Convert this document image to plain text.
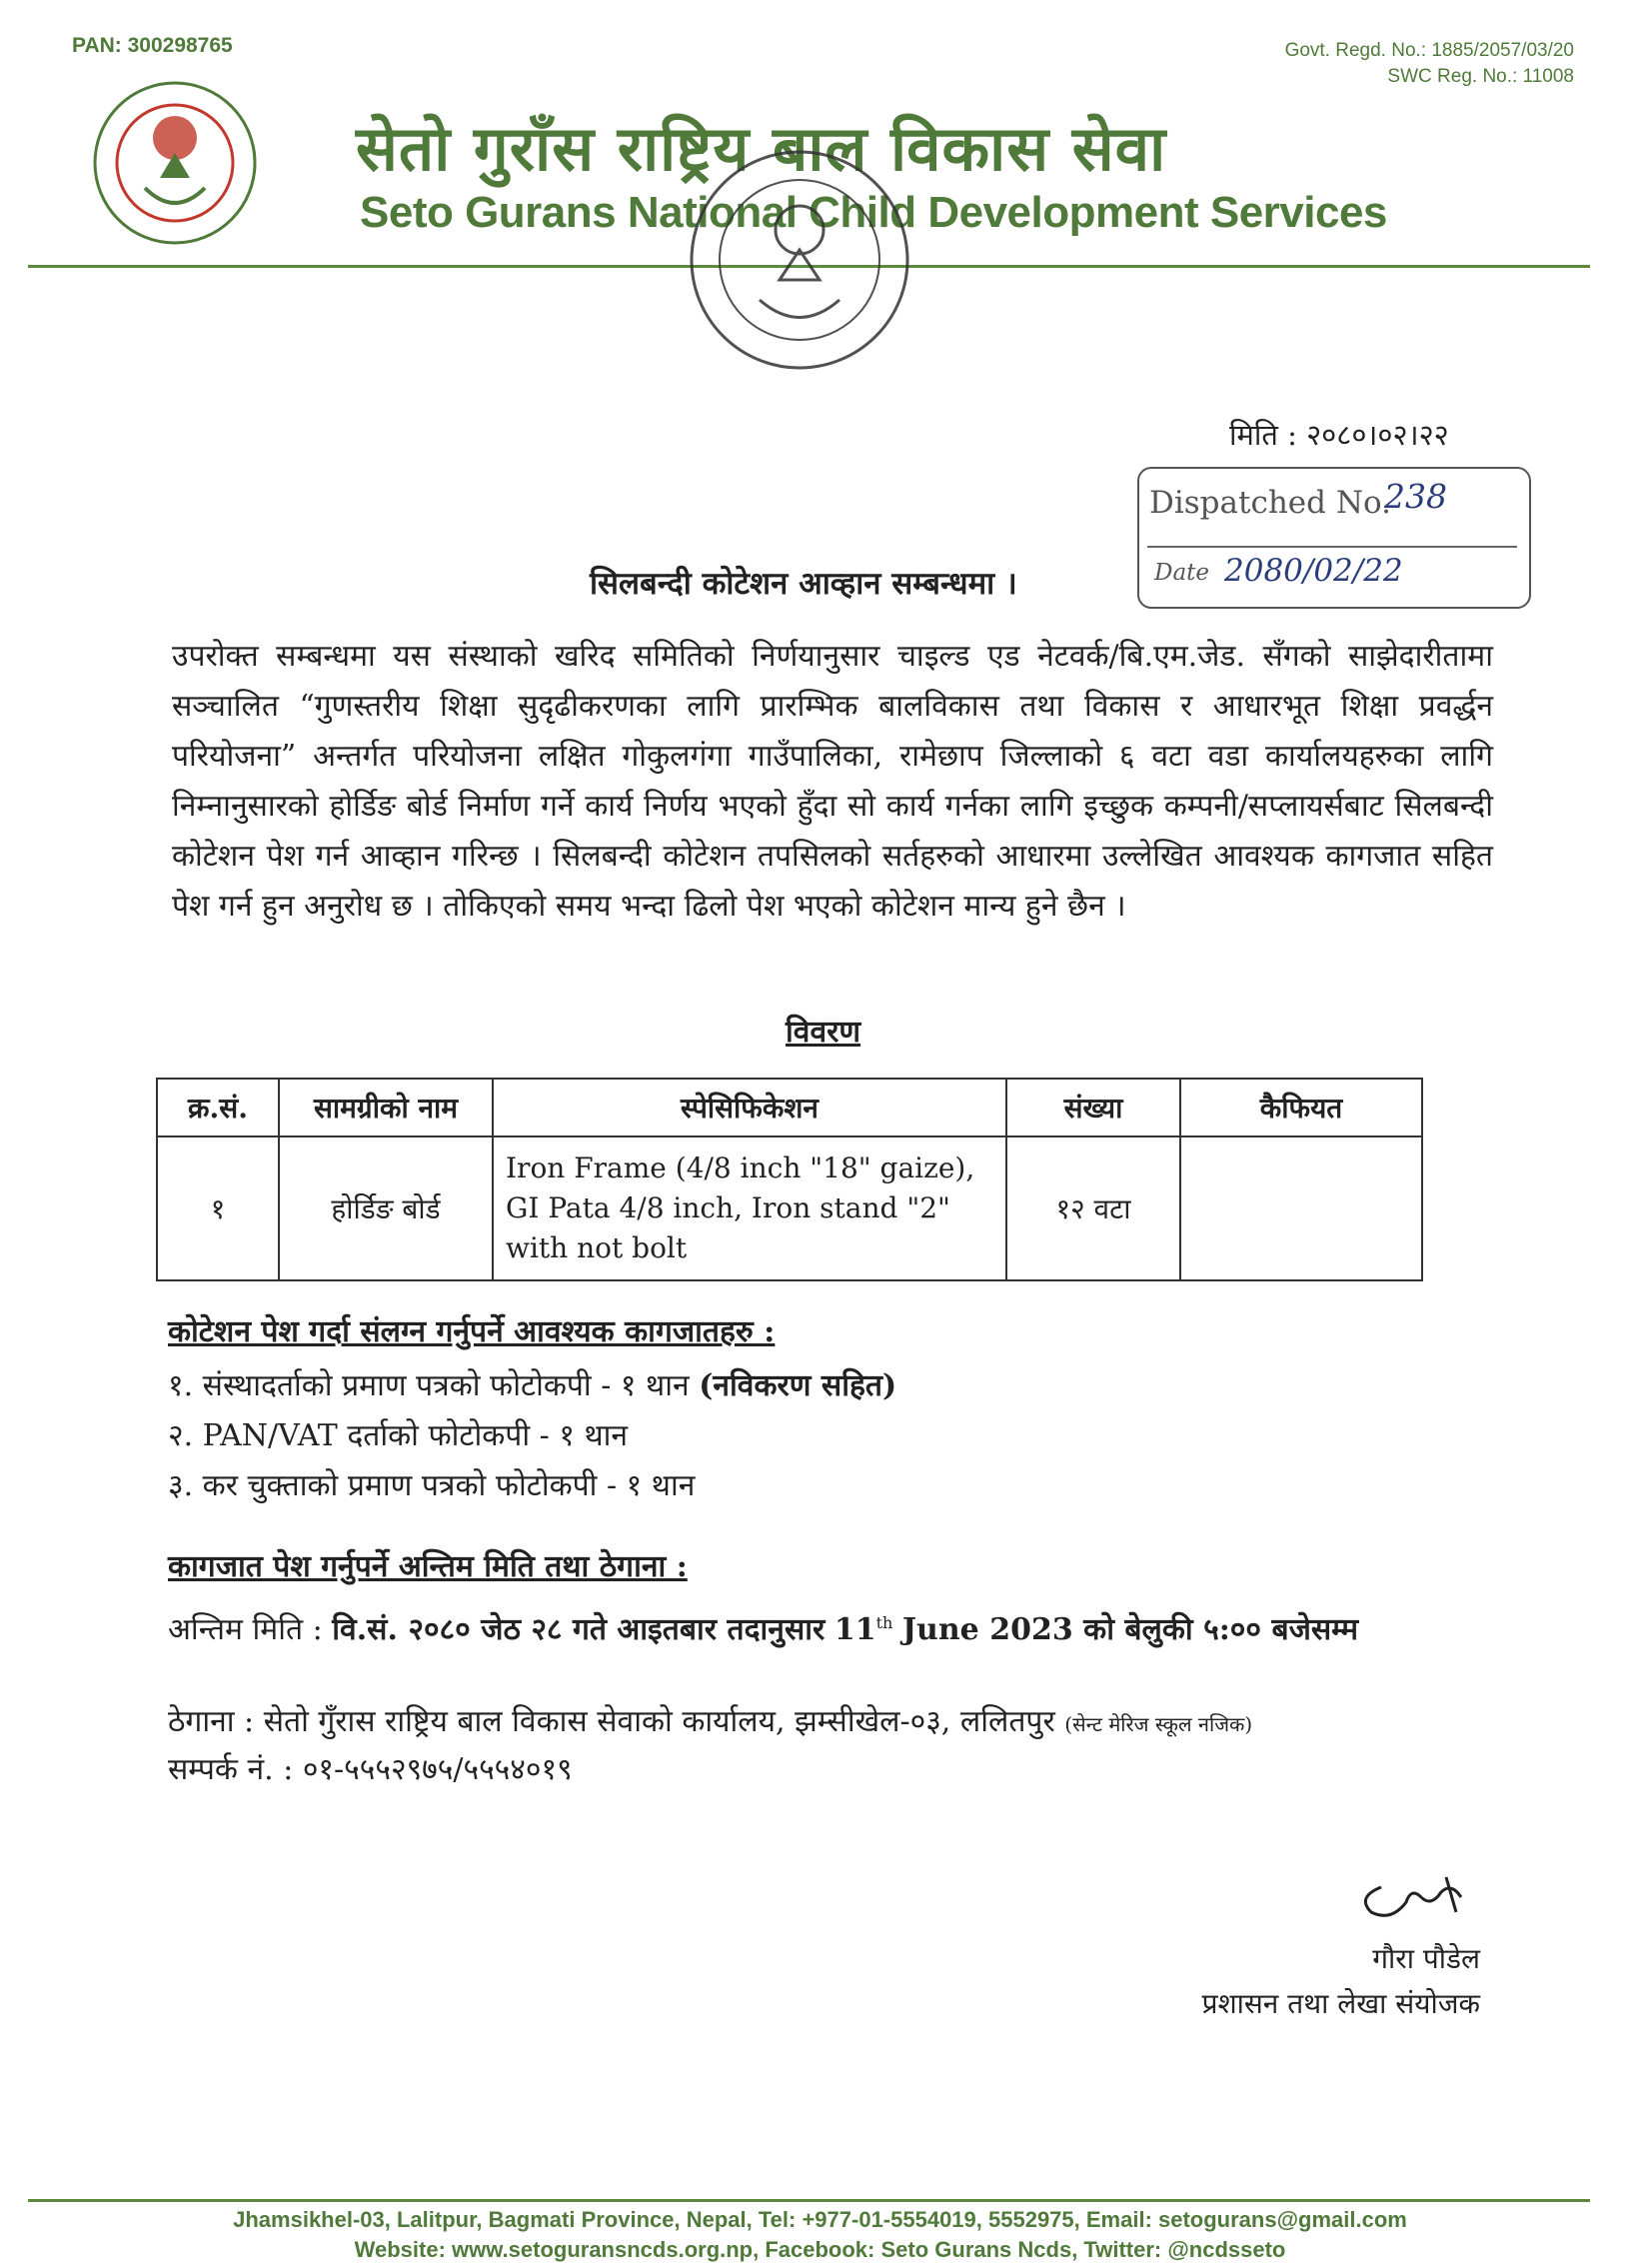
PAN: 300298765	Govt. Regd. No.: 1885/2057/03/20
SWC Reg. No.: 11008
सेतो गुराँस राष्ट्रिय बाल विकास सेवा
Seto Gurans National Child Development Services
मिति : २०८०।०२।२२
Dispatched No.
238
Date 2080/02/22
सिलबन्दी कोटेशन आव्हान सम्बन्धमा ।
उपरोक्त सम्बन्धमा यस संस्थाको खरिद समितिको निर्णयानुसार चाइल्ड एड नेटवर्क/बि.एम.जेड. सँगको साझेदारीतामा सञ्चालित “गुणस्तरीय शिक्षा सुदृढीकरणका लागि प्रारम्भिक बालविकास तथा विकास र आधारभूत शिक्षा प्रवर्द्धन परियोजना” अन्तर्गत परियोजना लक्षित गोकुलगंगा गाउँपालिका, रामेछाप जिल्लाको ६ वटा वडा कार्यालयहरुका लागि निम्नानुसारको होर्डिङ बोर्ड निर्माण गर्ने कार्य निर्णय भएको हुँदा सो कार्य गर्नका लागि इच्छुक कम्पनी/सप्लायर्सबाट सिलबन्दी कोटेशन पेश गर्न आव्हान गरिन्छ । सिलबन्दी कोटेशन तपसिलको सर्तहरुको आधारमा उल्लेखित आवश्यक कागजात सहित पेश गर्न हुन अनुरोध छ । तोकिएको समय भन्दा ढिलो पेश भएको कोटेशन मान्य हुने छैन ।
विवरण
क्र.सं.	सामग्रीको नाम	स्पेसिफिकेशन	संख्या	कैफियत
१	होर्डिङ बोर्ड	Iron Frame (4/8 inch "18" gaize), GI Pata 4/8 inch, Iron stand "2" with not bolt	१२ वटा	
कोटेशन पेश गर्दा संलग्न गर्नुपर्ने आवश्यक कागजातहरु :
१. संस्थादर्ताको प्रमाण पत्रको फोटोकपी - १ थान (नविकरण सहित)
२. PAN/VAT दर्ताको फोटोकपी - १ थान
३. कर चुक्ताको प्रमाण पत्रको फोटोकपी - १ थान
कागजात पेश गर्नुपर्ने अन्तिम मिति तथा ठेगाना :
अन्तिम मिति : वि.सं. २०८० जेठ २८ गते आइतबार तदानुसार 11th June 2023 को बेलुकी ५:०० बजेसम्म
ठेगाना : सेतो गुँरास राष्ट्रिय बाल विकास सेवाको कार्यालय, झम्सीखेल-०३, ललितपुर (सेन्ट मेरिज स्कूल नजिक)
सम्पर्क नं. : ०१-५५५२९७५/५५५४०१९
गौरा पौडेल
प्रशासन तथा लेखा संयोजक
Jhamsikhel-03, Lalitpur, Bagmati Province, Nepal, Tel: +977-01-5554019, 5552975, Email: setogurans@gmail.com
Website: www.setoguransncds.org.np, Facebook: Seto Gurans Ncds, Twitter: @ncdsseto
